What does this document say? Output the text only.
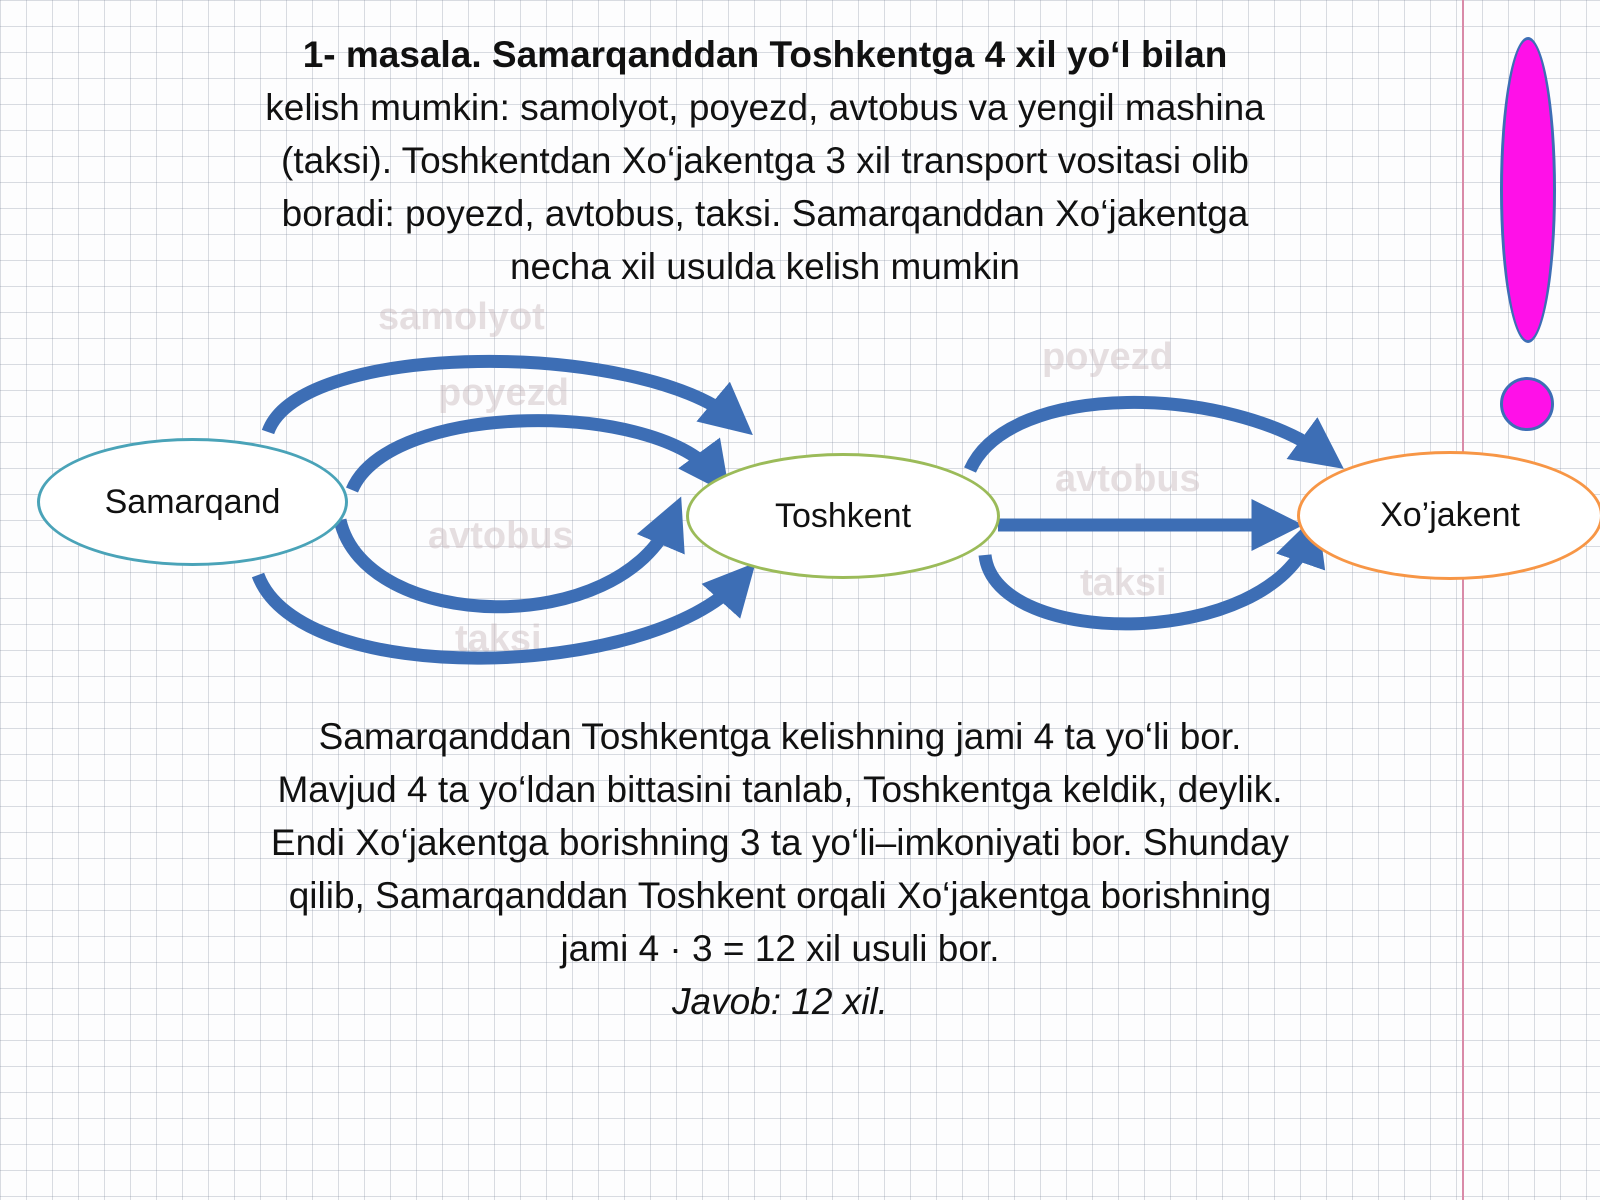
1- masala. Samarqanddan Toshkentga 4 xil yo‘l bilan
kelish mumkin: samolyot, poyezd, avtobus va yengil mashina
(taksi). Toshkentdan Xo‘jakentga 3 xil transport vositasi olib
boradi: poyezd, avtobus, taksi. Samarqanddan Xo‘jakentga
necha xil usulda kelish mumkin
samolyot
poyezd
avtobus
taksi
poyezd
avtobus
taksi
Samarqand	Toshkent	Xo’jakent
Samarqanddan Toshkentga kelishning jami 4 ta yo‘li bor.
Mavjud 4 ta yo‘ldan bittasini tanlab, Toshkentga keldik, deylik.
Endi Xo‘jakentga borishning 3 ta yo‘li–imkoniyati bor. Shunday
qilib, Samarqanddan Toshkent orqali Xo‘jakentga borishning
jami 4 · 3 = 12 xil usuli bor.
Javob: 12 xil.
